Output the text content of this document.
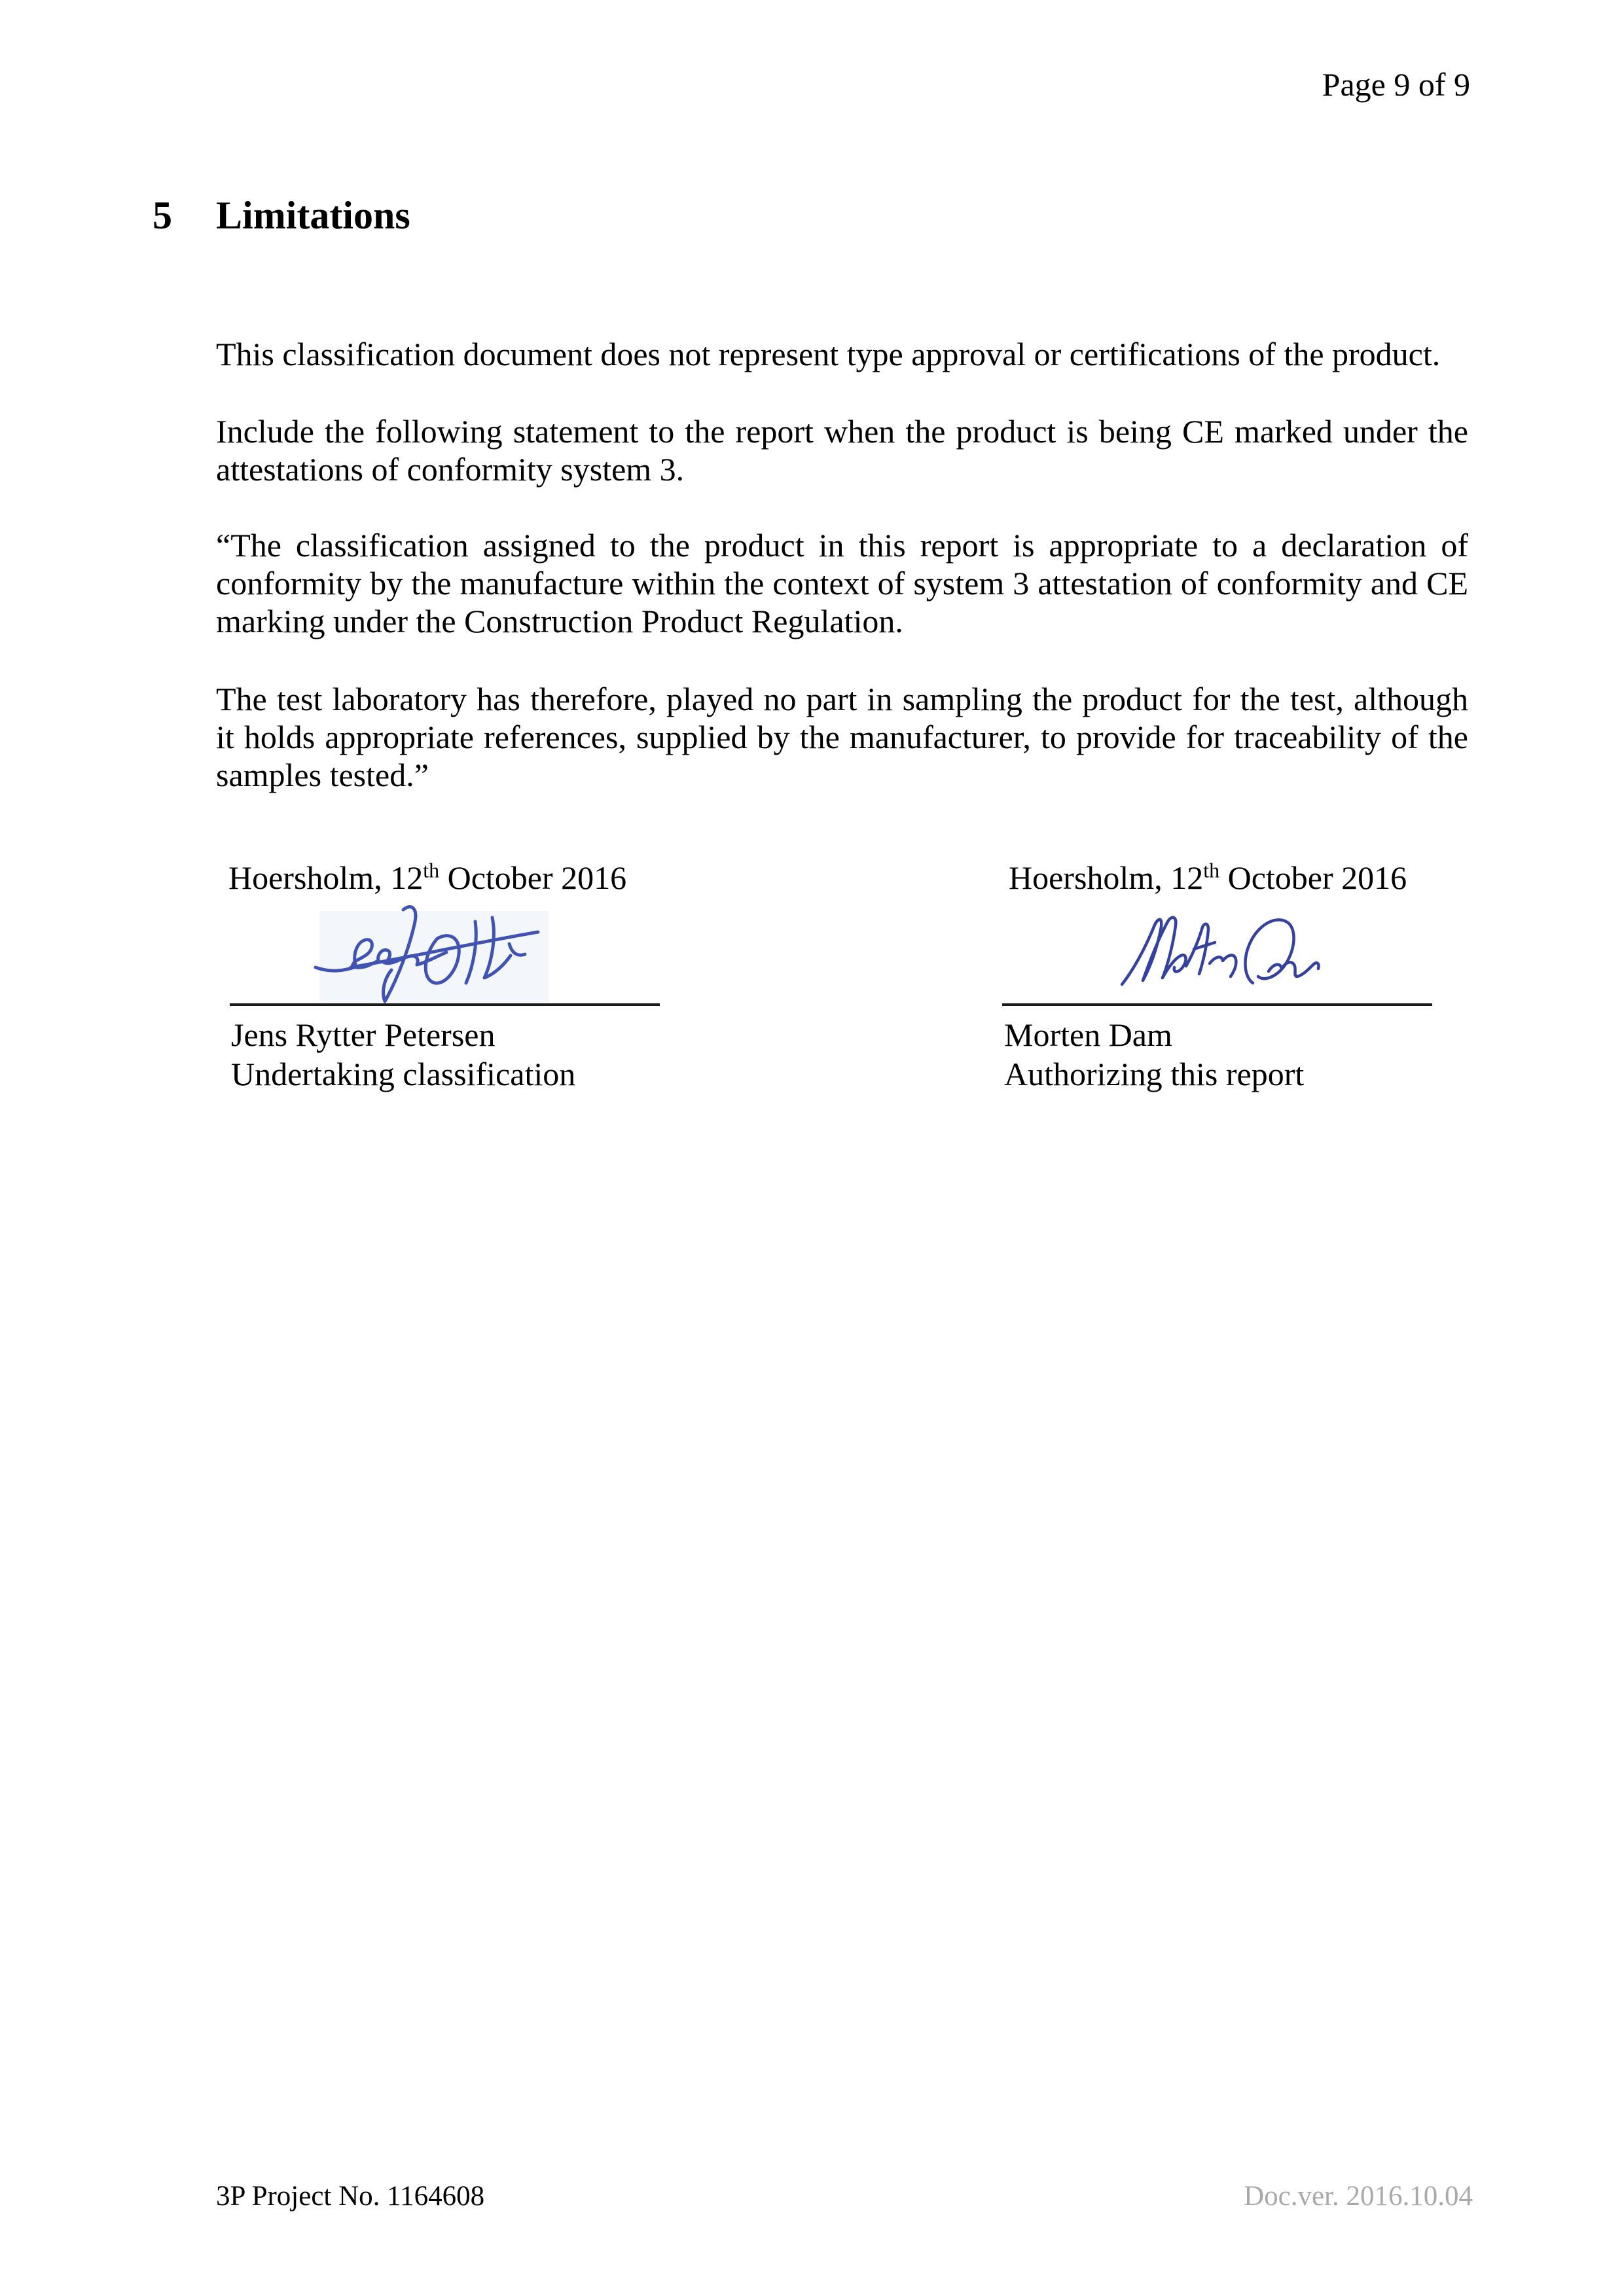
Page 9 of 9
5 Limitations
This classification document does not represent type approval or certifications of the product.
Include the following statement to the report when the product is being CE marked under the attestations of conformity system 3.
“The classification assigned to the product in this report is appropriate to a declaration of conformity by the manufacture within the context of system 3 attestation of conformity and CE marking under the Construction Product Regulation.
The test laboratory has therefore, played no part in sampling the product for the test, although it holds appropriate references, supplied by the manufacturer, to provide for traceability of the samples tested.”
Hoersholm, 12th October 2016
Jens Rytter Petersen
Undertaking classification
Hoersholm, 12th October 2016
Morten Dam
Authorizing this report
3P Project No. 1164608	Doc.ver. 2016.10.04
